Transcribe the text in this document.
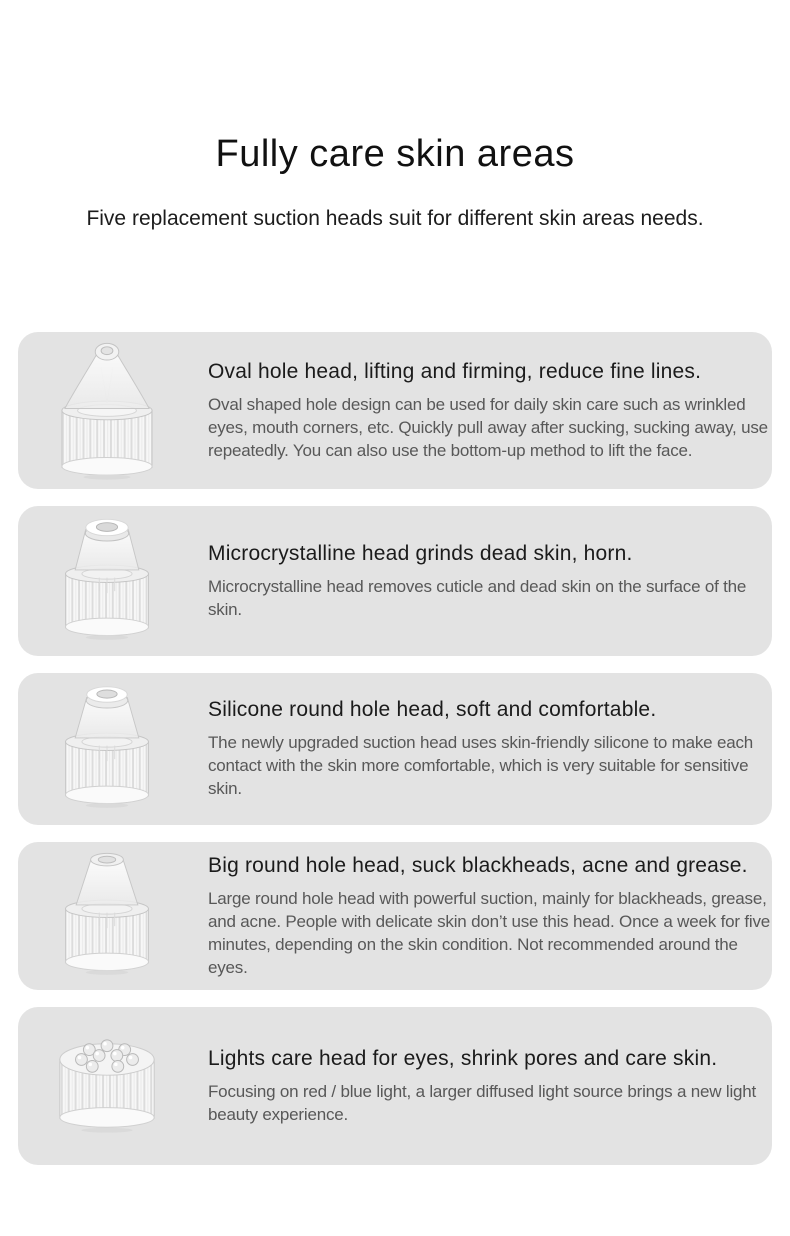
Fully care skin areas

Five replacement suction heads suit for different skin areas needs.

Oval hole head, lifting and firming, reduce fine lines.

Oval shaped hole design can be used for daily skin care such as wrinkled eyes, mouth corners, etc. Quickly pull away after sucking, sucking away, use repeatedly. You can also use the bottom-up method to lift the face.

Microcrystalline head grinds dead skin, horn.

Microcrystalline head removes cuticle and dead skin on the surface of the skin.

Silicone round hole head, soft and comfortable.

The newly upgraded suction head uses skin-friendly silicone to make each contact with the skin more comfortable, which is very suitable for sensitive skin.

Big round hole head, suck blackheads, acne and grease.

Large round hole head with powerful suction, mainly for blackheads, grease, and acne. People with delicate skin don’t use this head. Once a week for five minutes, depending on the skin condition. Not recommended around the eyes.

Lights care head for eyes, shrink pores and care skin.

Focusing on red / blue light, a larger diffused light source brings a new light beauty experience.
